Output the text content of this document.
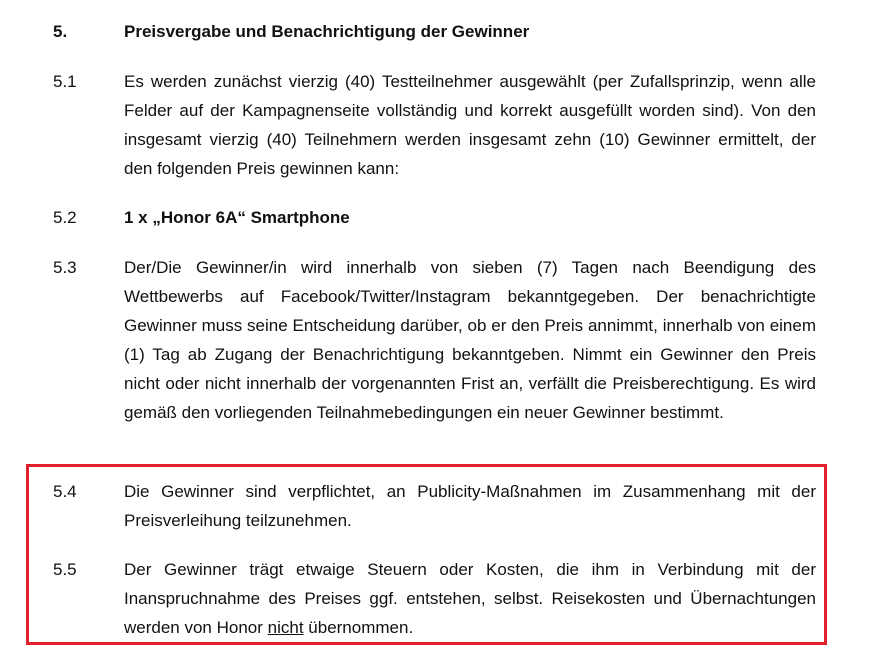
5.	Preisvergabe und Benachrichtigung der Gewinner
5.1	Es werden zunächst vierzig (40) Testteilnehmer ausgewählt (per Zufallsprinzip, wenn alle Felder auf der Kampagnenseite vollständig und korrekt ausgefüllt worden sind). Von den insgesamt vierzig (40) Teilnehmern werden insgesamt zehn (10) Gewinner ermittelt, der den folgenden Preis gewinnen kann:
5.2	1 x „Honor 6A“ Smartphone
5.3	Der/Die Gewinner/in wird innerhalb von sieben (7) Tagen nach Beendigung des Wettbewerbs auf Facebook/Twitter/Instagram bekanntgegeben. Der benachrichtigte Gewinner muss seine Entscheidung darüber, ob er den Preis annimmt, innerhalb von einem (1) Tag ab Zugang der Benachrichtigung bekanntgeben. Nimmt ein Gewinner den Preis nicht oder nicht innerhalb der vorgenannten Frist an, verfällt die Preisberechtigung. Es wird gemäß den vorliegenden Teilnahmebedingungen ein neuer Gewinner bestimmt.
5.4	Die Gewinner sind verpflichtet, an Publicity-Maßnahmen im Zusammenhang mit der Preisverleihung teilzunehmen.
5.5	Der Gewinner trägt etwaige Steuern oder Kosten, die ihm in Verbindung mit der Inanspruchnahme des Preises ggf. entstehen, selbst. Reisekosten und Übernachtungen werden von Honor nicht übernommen.
